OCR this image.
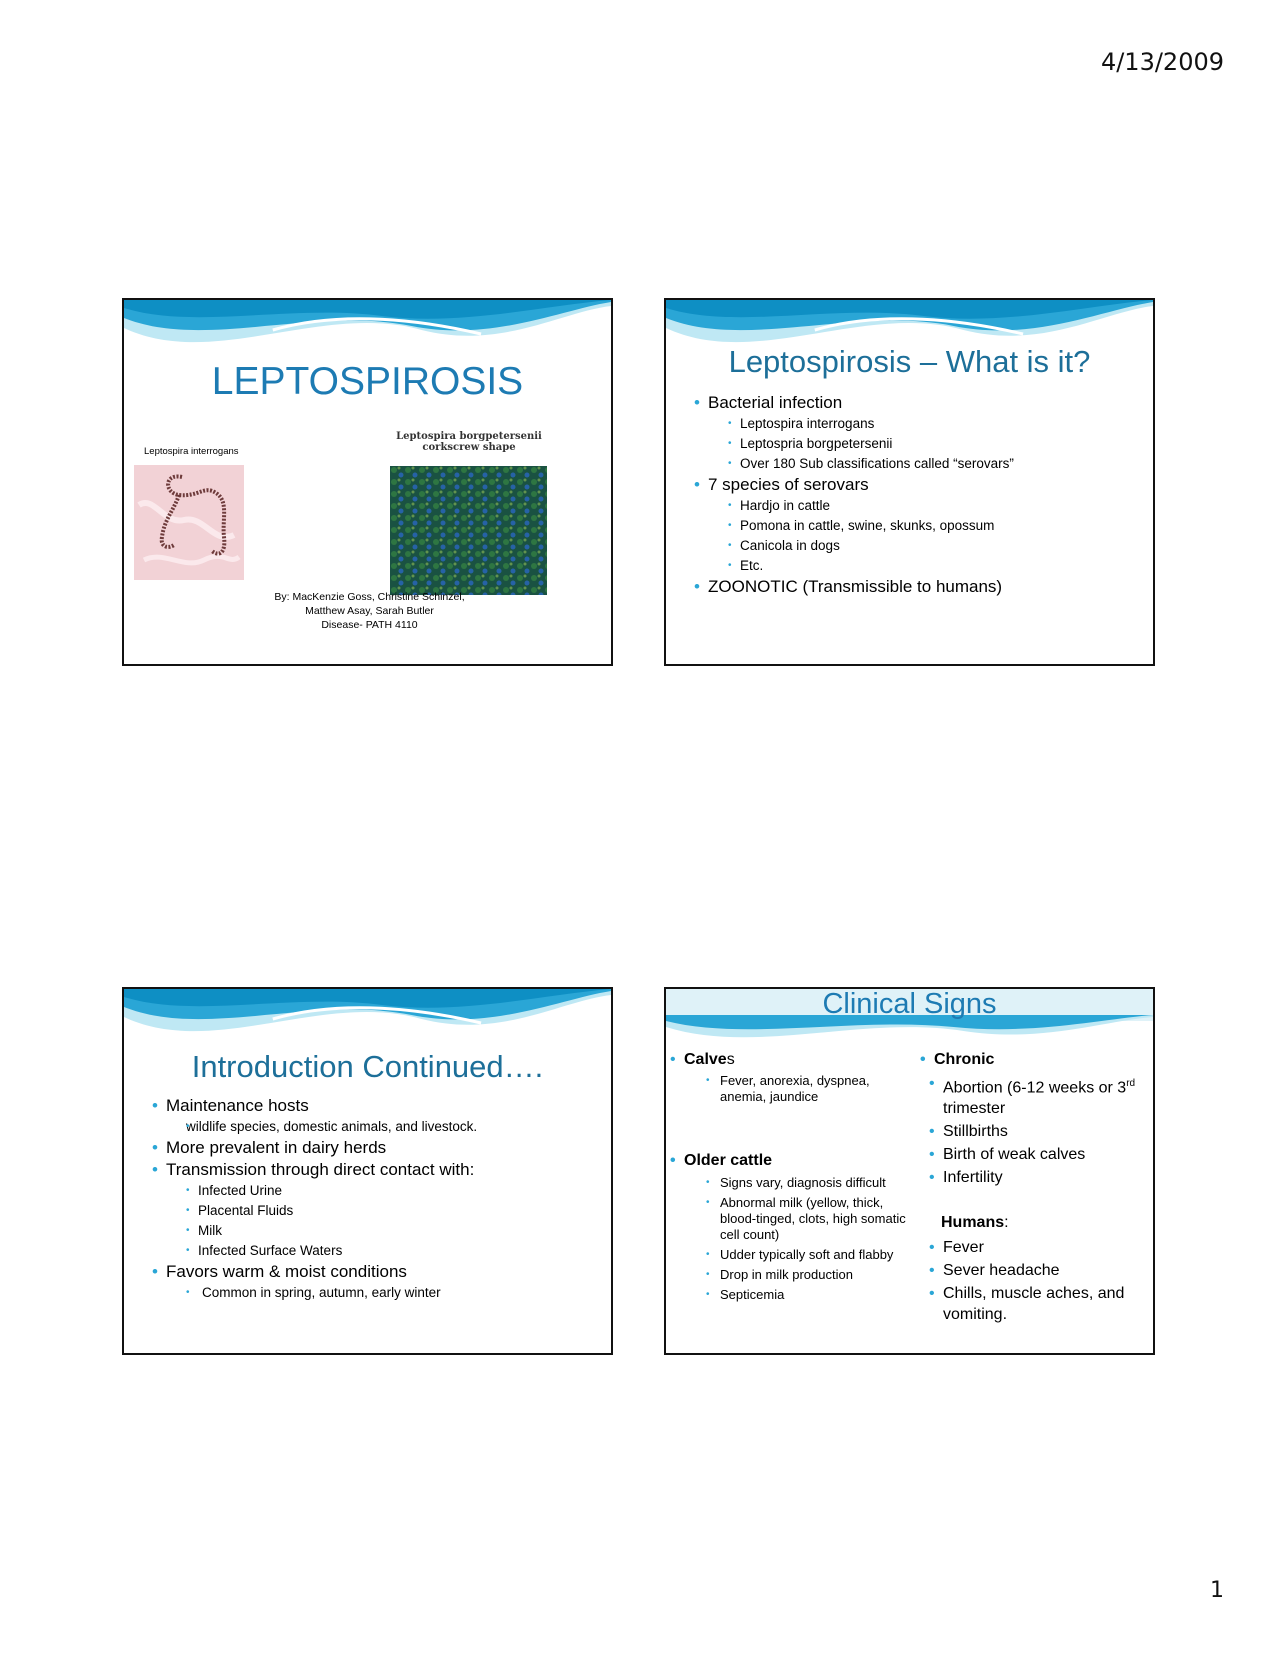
4/13/2009
LEPTOSPIROSIS
Leptospira interrogans
Leptospira borgpetersenii
corkscrew shape
By: MacKenzie Goss, Christine Schinzel,
Matthew Asay, Sarah Butler
Disease- PATH 4110
Leptospirosis – What is it?
• Bacterial infection
• Leptospira interrogans
• Leptospria borgpetersenii
• Over 180 Sub classifications called “serovars”
• 7 species of serovars
• Hardjo in cattle
• Pomona in cattle, swine, skunks, opossum
• Canicola in dogs
• Etc.
• ZOONOTIC (Transmissible to humans)
Introduction Continued….
• Maintenance hosts
• wildlife species, domestic animals, and livestock.
• More prevalent in dairy herds
• Transmission through direct contact with:
• Infected Urine
• Placental Fluids
• Milk
• Infected Surface Waters
• Favors warm & moist conditions
• Common in spring, autumn, early winter
Clinical Signs
• Calves
• Fever, anorexia, dyspnea, anemia, jaundice
• Older cattle
• Signs vary, diagnosis difficult
• Abnormal milk (yellow, thick, blood-tinged, clots, high somatic cell count)
• Udder typically soft and flabby
• Drop in milk production
• Septicemia
• Chronic
• Abortion (6-12 weeks or 3rd trimester
• Stillbirths
• Birth of weak calves
• Infertility
Humans:
• Fever
• Sever headache
• Chills, muscle aches, and vomiting.
1
